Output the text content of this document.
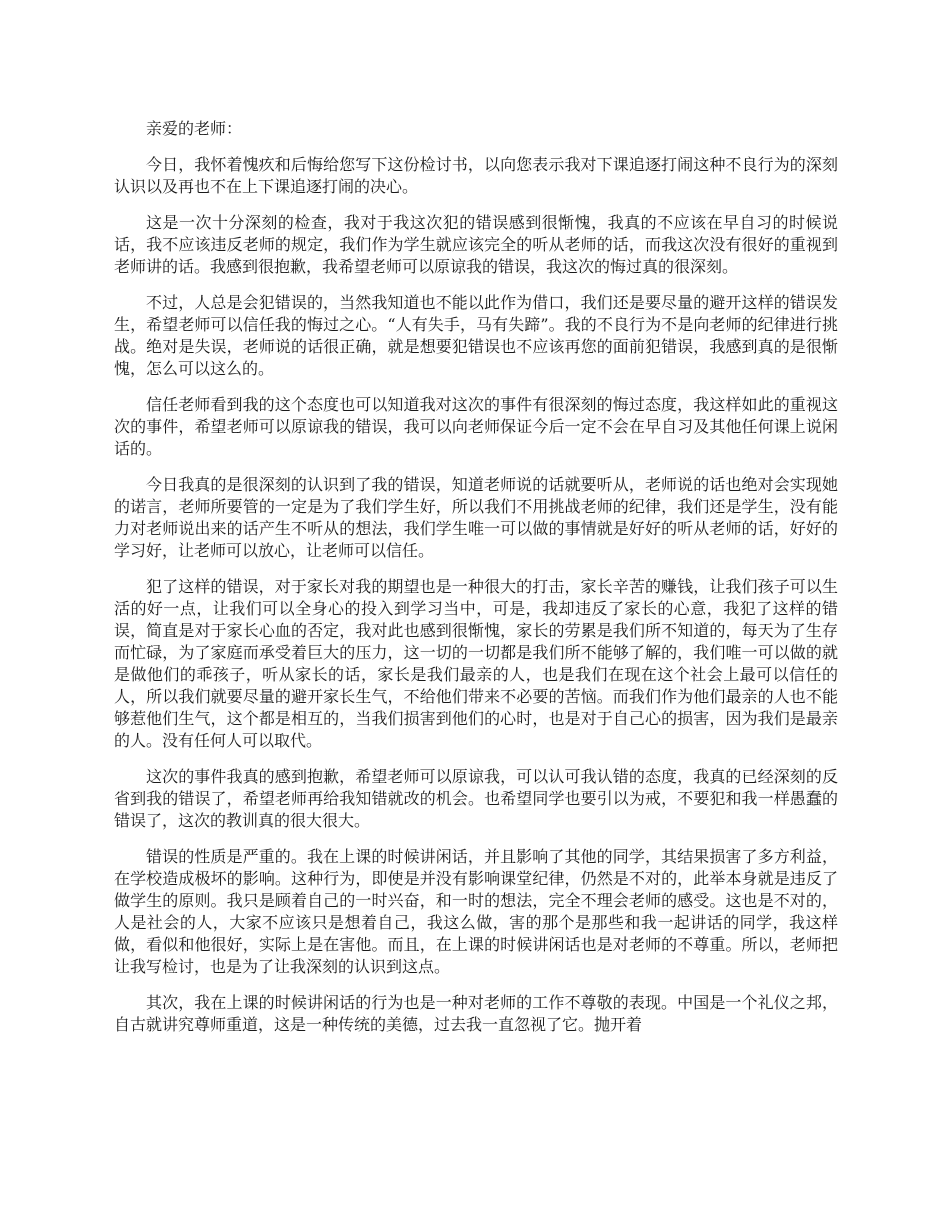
亲爱的老师：

今日，我怀着愧疚和后悔给您写下这份检讨书，以向您表示我对下课追逐打闹这种不良行为的深刻认识以及再也不在上下课追逐打闹的决心。

这是一次十分深刻的检查，我对于我这次犯的错误感到很惭愧，我真的不应该在早自习的时候说话，我不应该违反老师的规定，我们作为学生就应该完全的听从老师的话，而我这次没有很好的重视到老师讲的话。我感到很抱歉，我希望老师可以原谅我的错误，我这次的悔过真的很深刻。

不过，人总是会犯错误的，当然我知道也不能以此作为借口，我们还是要尽量的避开这样的错误发生，希望老师可以信任我的悔过之心。“人有失手，马有失蹄”。我的不良行为不是向老师的纪律进行挑战。绝对是失误，老师说的话很正确，就是想要犯错误也不应该再您的面前犯错误，我感到真的是很惭愧，怎么可以这么的。

信任老师看到我的这个态度也可以知道我对这次的事件有很深刻的悔过态度，我这样如此的重视这次的事件，希望老师可以原谅我的错误，我可以向老师保证今后一定不会在早自习及其他任何课上说闲话的。

今日我真的是很深刻的认识到了我的错误，知道老师说的话就要听从，老师说的话也绝对会实现她的诺言，老师所要管的一定是为了我们学生好，所以我们不用挑战老师的纪律，我们还是学生，没有能力对老师说出来的话产生不听从的想法，我们学生唯一可以做的事情就是好好的听从老师的话，好好的学习好，让老师可以放心，让老师可以信任。

犯了这样的错误，对于家长对我的期望也是一种很大的打击，家长辛苦的赚钱，让我们孩子可以生活的好一点，让我们可以全身心的投入到学习当中，可是，我却违反了家长的心意，我犯了这样的错误，简直是对于家长心血的否定，我对此也感到很惭愧，家长的劳累是我们所不知道的，每天为了生存而忙碌，为了家庭而承受着巨大的压力，这一切的一切都是我们所不能够了解的，我们唯一可以做的就是做他们的乖孩子，听从家长的话，家长是我们最亲的人，也是我们在现在这个社会上最可以信任的人，所以我们就要尽量的避开家长生气，不给他们带来不必要的苦恼。而我们作为他们最亲的人也不能够惹他们生气，这个都是相互的，当我们损害到他们的心时，也是对于自己心的损害，因为我们是最亲的人。没有任何人可以取代。

这次的事件我真的感到抱歉，希望老师可以原谅我，可以认可我认错的态度，我真的已经深刻的反省到我的错误了，希望老师再给我知错就改的机会。也希望同学也要引以为戒，不要犯和我一样愚蠢的错误了，这次的教训真的很大很大。

错误的性质是严重的。我在上课的时候讲闲话，并且影响了其他的同学，其结果损害了多方利益，在学校造成极坏的影响。这种行为，即使是并没有影响课堂纪律，仍然是不对的，此举本身就是违反了做学生的原则。我只是顾着自己的一时兴奋，和一时的想法，完全不理会老师的感受。这也是不对的，人是社会的人，大家不应该只是想着自己，我这么做，害的那个是那些和我一起讲话的同学，我这样做，看似和他很好，实际上是在害他。而且，在上课的时候讲闲话也是对老师的不尊重。所以，老师把让我写检讨，也是为了让我深刻的认识到这点。

其次，我在上课的时候讲闲话的行为也是一种对老师的工作不尊敬的表现。中国是一个礼仪之邦，自古就讲究尊师重道，这是一种传统的美德，过去我一直忽视了它。抛开着
